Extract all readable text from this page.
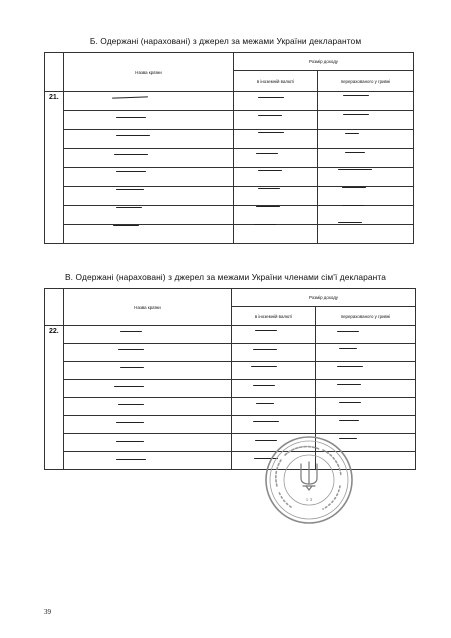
Б. Одержані (нараховані) з джерел за межами України декларантом
	Назва країни	Розмір доходу	
		в іноземній валюті	перерахованого у гривні
21.			

В. Одержані (нараховані) з джерел за межами України членами сім'ї декларанта
	Назва країни	Розмір доходу	
		в іноземній валюті	перерахованого у гривні
22.			

1·3
39
